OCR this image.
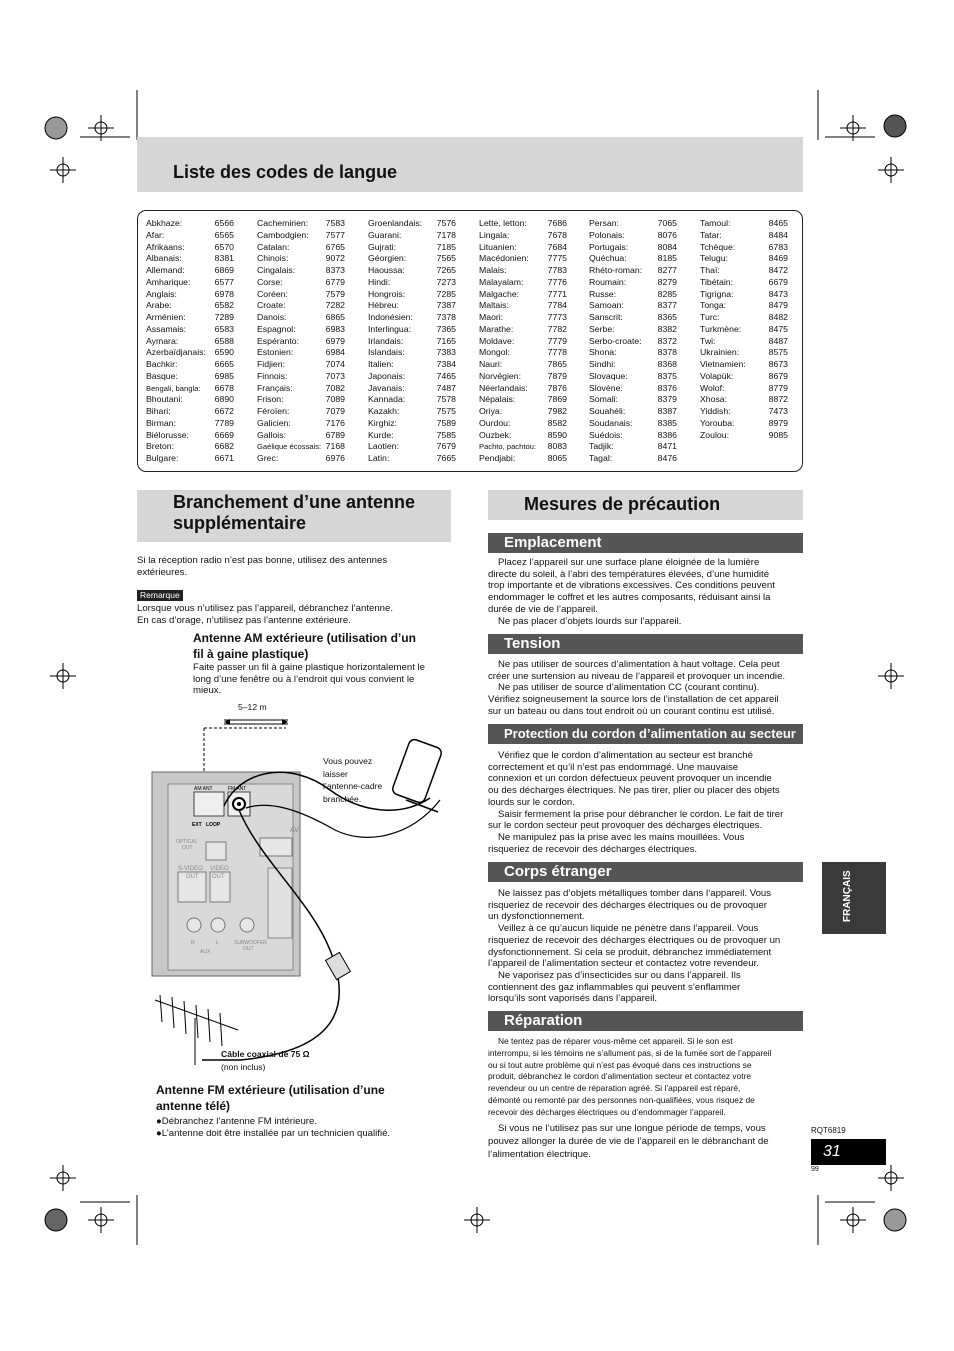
Liste des codes de langue
Abkhaze:	6566
Afar:	6565
Afrikaans:	6570
Albanais:	8381
Allemand:	6869
Amharique:	6577
Anglais:	6978
Arabe:	6582
Arménien:	7289
Assamais:	6583
Aymara:	6588
Azerbaïdjanais: 6590
Bachkir:	6665
Basque:	6985
Bengali, bangla: 6678
Bhoutani:	6890
Bihari:	6672
Birman:	7789
Biélorusse:	6669
Breton:	6682
Bulgare:	6671
Cachemirien: 7583
Cambodgien: 7577
Catalan:	6765
Chinois:	9072
Cingalais:	8373
Corse:	6779
Coréen:	7579
Croate:	7282
Danois:	6865
Espagnol:	6983
Espéranto:	6979
Estonien:	6984
Fidjien:	7074
Finnois:	7073
Français:	7082
Frison:	7089
Féroïen:	7079
Galicien:	7176
Gallois:	6789
Gaélique écossais: 7168
Grec:	6976
Groenlandais: 7576
Guarani:	7178
Gujrati:	7185
Géorgien:	7565
Haoussa:	7265
Hindi:	7273
Hongrois:	7285
Hébreu:	7387
Indonésien:	7378
Interlingua:	7365
Irlandais:	7165
Islandais:	7383
Italien:	7384
Japonais:	7465
Javanais:	7487
Kannada:	7578
Kazakh:	7575
Kirghiz:	7589
Kurde:	7585
Laotien:	7679
Latin:	7665
Lette, letton: 7686
Lingala:	7678
Lituanien:	7684
Macédonien: 7775
Malais:	7783
Malayalam:	7776
Malgache:	7771
Maltais:	7784
Maori:	7773
Marathe:	7782
Moldave:	7779
Mongol:	7778
Nauri:	7865
Norvégien:	7879
Néerlandais: 7876
Népalais:	7869
Oriya:	7982
Ourdou:	8582
Ouzbek:	8590
Pachto, pachtou: 8083
Pendjabi:	8065
Persan:	7065
Polonais:	8076
Portugais:	8084
Quéchua:	8185
Rhéto-roman: 8277
Roumain:	8279
Russe:	8285
Samoan:	8377
Sanscrit:	8365
Serbe:	8382
Serbo-croate: 8372
Shona:	8378
Sindhi:	8368
Slovaque:	8375
Slovène:	8376
Somali:	8379
Souahéli:	8387
Soudanais:	8385
Suédois:	8386
Tadjik:	8471
Tagal:	8476
Tamoul:	8465
Tatar:	8484
Tchèque:	6783
Telugu:	8469
Thaï:	8472
Tibétain:	6679
Tigrigna:	8473
Tonga:	8479
Turc:	8482
Turkmène:	8475
Twi:	8487
Ukrainien:	8575
Vietnamien:	8673
Volapük:	8679
Wolof:	8779
Xhosa:	8872
Yiddish:	7473
Yorouba:	8979
Zoulou:	9085
Branchement d’une antenne
supplémentaire
Si la réception radio n’est pas bonne, utilisez des antennes
extérieures.
Remarque
Lorsque vous n’utilisez pas l’appareil, débranchez l’antenne.
En cas d’orage, n’utilisez pas l’antenne extérieure.
Antenne AM extérieure (utilisation d’un
fil à gaine plastique)
Faite passer un fil à gaine plastique horizontalement le
long d’une fenêtre ou à l’endroit qui vous convient le
mieux.
AM ANT	FM ANT
EXT LOOP
OPTICAL
OUT
S-VIDEO
OUT
VIDEO
OUT
R	L
AUX
SUBWOOFER
OUT
AV
5–12 m
Vous pouvez
laisser
l’antenne-cadre
branchée.
Câble coaxial de 75 Ω
(non inclus)
Antenne FM extérieure (utilisation d’une
antenne télé)
●Débranchez l’antenne FM intérieure.
●L’antenne doit être installée par un technicien qualifié.
Mesures de précaution
Emplacement
Placez l’appareil sur une surface plane éloignée de la lumière
directe du soleil, à l’abri des températures élevées, d’une humidité
trop importante et de vibrations excessives. Ces conditions peuvent
endommager le coffret et les autres composants, réduisant ainsi la
durée de vie de l’appareil.
Ne pas placer d’objets lourds sur l’appareil.
Tension
Ne pas utiliser de sources d’alimentation à haut voltage. Cela peut
créer une surtension au niveau de l’appareil et provoquer un incendie.
Ne pas utiliser de source d’alimentation CC (courant continu).
Vérifiez soigneusement la source lors de l’installation de cet appareil
sur un bateau ou dans tout endroit où un courant continu est utilisé.
Protection du cordon d’alimentation au secteur
Vérifiez que le cordon d’alimentation au secteur est branché
correctement et qu’il n’est pas endommagé. Une mauvaise
connexion et un cordon défectueux peuvent provoquer un incendie
ou des décharges électriques. Ne pas tirer, plier ou placer des objets
lourds sur le cordon.
Saisir fermement la prise pour débrancher le cordon. Le fait de tirer
sur le cordon secteur peut provoquer des décharges électriques.
Ne manipulez pas la prise avec les mains mouillées. Vous
risqueriez de recevoir des décharges électriques.
Corps étranger
Ne laissez pas d’objets métalliques tomber dans l’appareil. Vous
risqueriez de recevoir des décharges électriques ou de provoquer
un dysfonctionnement.
Veillez à ce qu’aucun liquide ne pénètre dans l’appareil. Vous
risqueriez de recevoir des décharges électriques ou de provoquer un
dysfonctionnement. Si cela se produit, débranchez immédiatement
l’appareil de l’alimentation secteur et contactez votre revendeur.
Ne vaporisez pas d’insecticides sur ou dans l’appareil. Ils
contiennent des gaz inflammables qui peuvent s’enflammer
lorsqu’ils sont vaporisés dans l’appareil.
Réparation
Ne tentez pas de réparer vous-même cet appareil. Si le son est
interrompu, si les témoins ne s’allument pas, si de la fumée sort de l’appareil
ou si tout autre problème qui n’est pas évoqué dans ces instructions se
produit, débranchez le cordon d’alimentation secteur et contactez votre
revendeur ou un centre de réparation agréé. Si l’appareil est réparé,
démonté ou remonté par des personnes non-qualifiées, vous risquez de
recevoir des décharges électriques ou d’endommager l’appareil.
Si vous ne l’utilisez pas sur une longue période de temps, vous
pouvez allonger la durée de vie de l’appareil en le débranchant de
l’alimentation électrique.
FRANÇAIS
RQT6819
31
99
